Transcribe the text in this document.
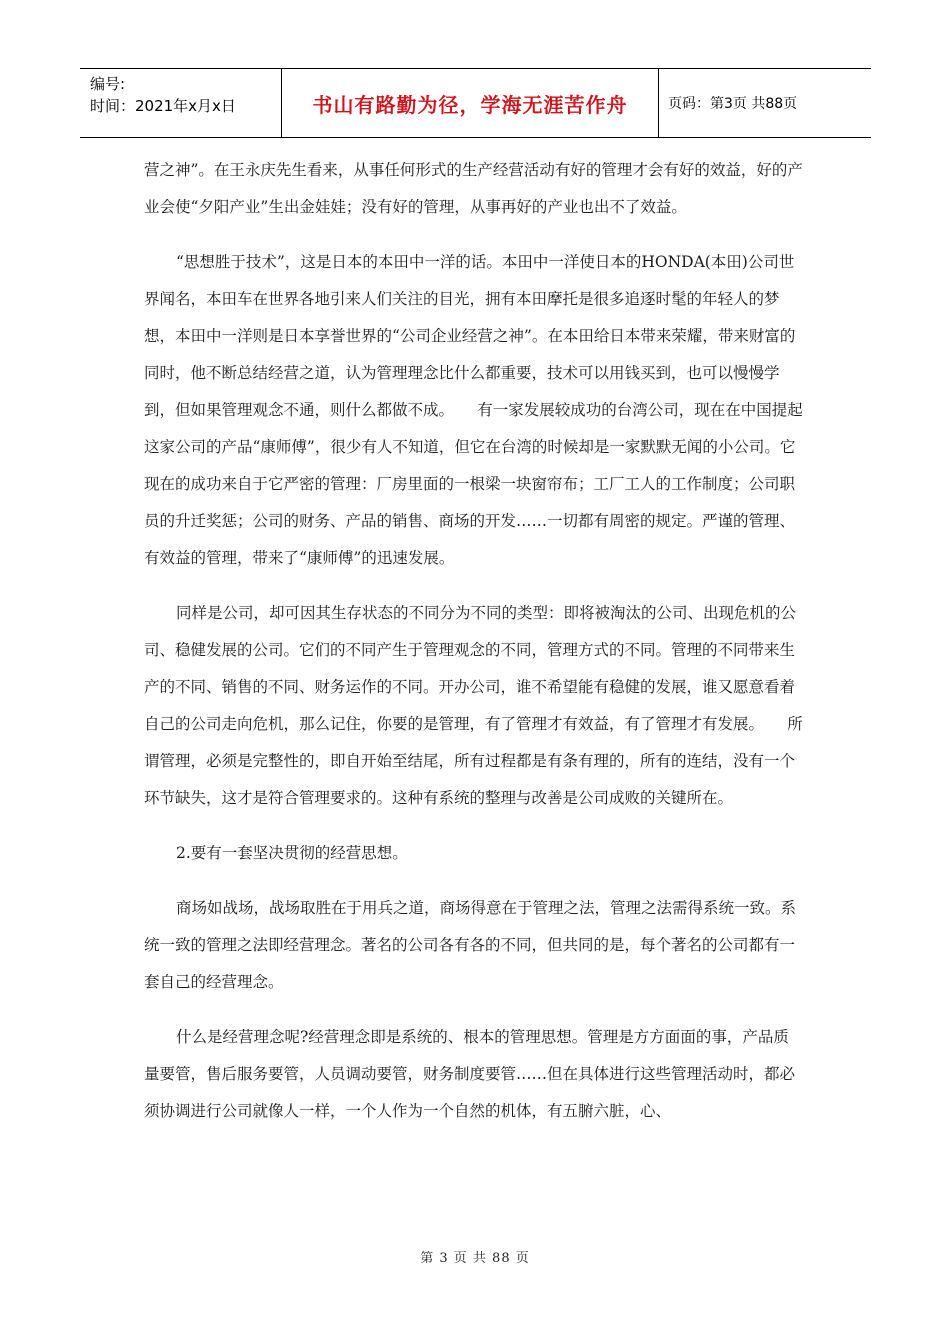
编号:
时间：2021年x月x日	书山有路勤为径，学海无涯苦作舟	页码：第3页 共88页

营之神”。在王永庆先生看来，从事任何形式的生产经营活动有好的管理才会有好的效益，好的产业会使“夕阳产业”生出金娃娃；没有好的管理，从事再好的产业也出不了效益。

“思想胜于技术”，这是日本的本田中一洋的话。本田中一洋使日本的HONDA(本田)公司世界闻名，本田车在世界各地引来人们关注的目光，拥有本田摩托是很多追逐时髦的年轻人的梦想，本田中一洋则是日本享誉世界的“公司企业经营之神”。在本田给日本带来荣耀，带来财富的同时，他不断总结经营之道，认为管理理念比什么都重要，技术可以用钱买到，也可以慢慢学到，但如果管理观念不通，则什么都做不成。　　有一家发展较成功的台湾公司，现在在中国提起这家公司的产品“康师傅”，很少有人不知道，但它在台湾的时候却是一家默默无闻的小公司。它现在的成功来自于它严密的管理：厂房里面的一根梁一块窗帘布；工厂工人的工作制度；公司职员的升迁奖惩；公司的财务、产品的销售、商场的开发……一切都有周密的规定。严谨的管理、有效益的管理，带来了“康师傅”的迅速发展。

同样是公司，却可因其生存状态的不同分为不同的类型：即将被淘汰的公司、出现危机的公司、稳健发展的公司。它们的不同产生于管理观念的不同，管理方式的不同。管理的不同带来生产的不同、销售的不同、财务运作的不同。开办公司，谁不希望能有稳健的发展，谁又愿意看着自己的公司走向危机，那么记住，你要的是管理，有了管理才有效益，有了管理才有发展。　　所谓管理，必须是完整性的，即自开始至结尾，所有过程都是有条有理的，所有的连结，没有一个环节缺失，这才是符合管理要求的。这种有系统的整理与改善是公司成败的关键所在。

2.要有一套坚决贯彻的经营思想。

商场如战场，战场取胜在于用兵之道，商场得意在于管理之法，管理之法需得系统一致。系统一致的管理之法即经营理念。著名的公司各有各的不同，但共同的是，每个著名的公司都有一套自己的经营理念。

什么是经营理念呢?经营理念即是系统的、根本的管理思想。管理是方方面面的事，产品质量要管，售后服务要管，人员调动要管，财务制度要管……但在具体进行这些管理活动时，都必须协调进行公司就像人一样，一个人作为一个自然的机体，有五腑六脏，心、

第 3 页 共 88 页
